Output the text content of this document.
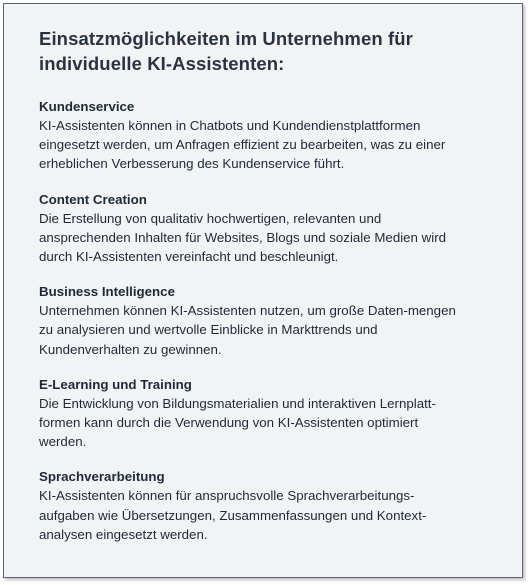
Einsatzmöglichkeiten im Unternehmen für
individuelle KI-Assistenten:

Kundenservice

KI-Assistenten können in Chatbots und Kundendienstplattformen
eingesetzt werden, um Anfragen effizient zu bearbeiten, was zu einer
erheblichen Verbesserung des Kundenservice führt.

Content Creation

Die Erstellung von qualitativ hochwertigen, relevanten und
ansprechenden Inhalten für Websites, Blogs und soziale Medien wird
durch KI-Assistenten vereinfacht und beschleunigt.

Business Intelligence

Unternehmen können KI-Assistenten nutzen, um große Daten-mengen
zu analysieren und wertvolle Einblicke in Markttrends und
Kundenverhalten zu gewinnen.

E-Learning und Training

Die Entwicklung von Bildungsmaterialien und interaktiven Lernplatt-
formen kann durch die Verwendung von KI-Assistenten optimiert
werden.

Sprachverarbeitung

KI-Assistenten können für anspruchsvolle Sprachverarbeitungs-
aufgaben wie Übersetzungen, Zusammenfassungen und Kontext-
analysen eingesetzt werden.
